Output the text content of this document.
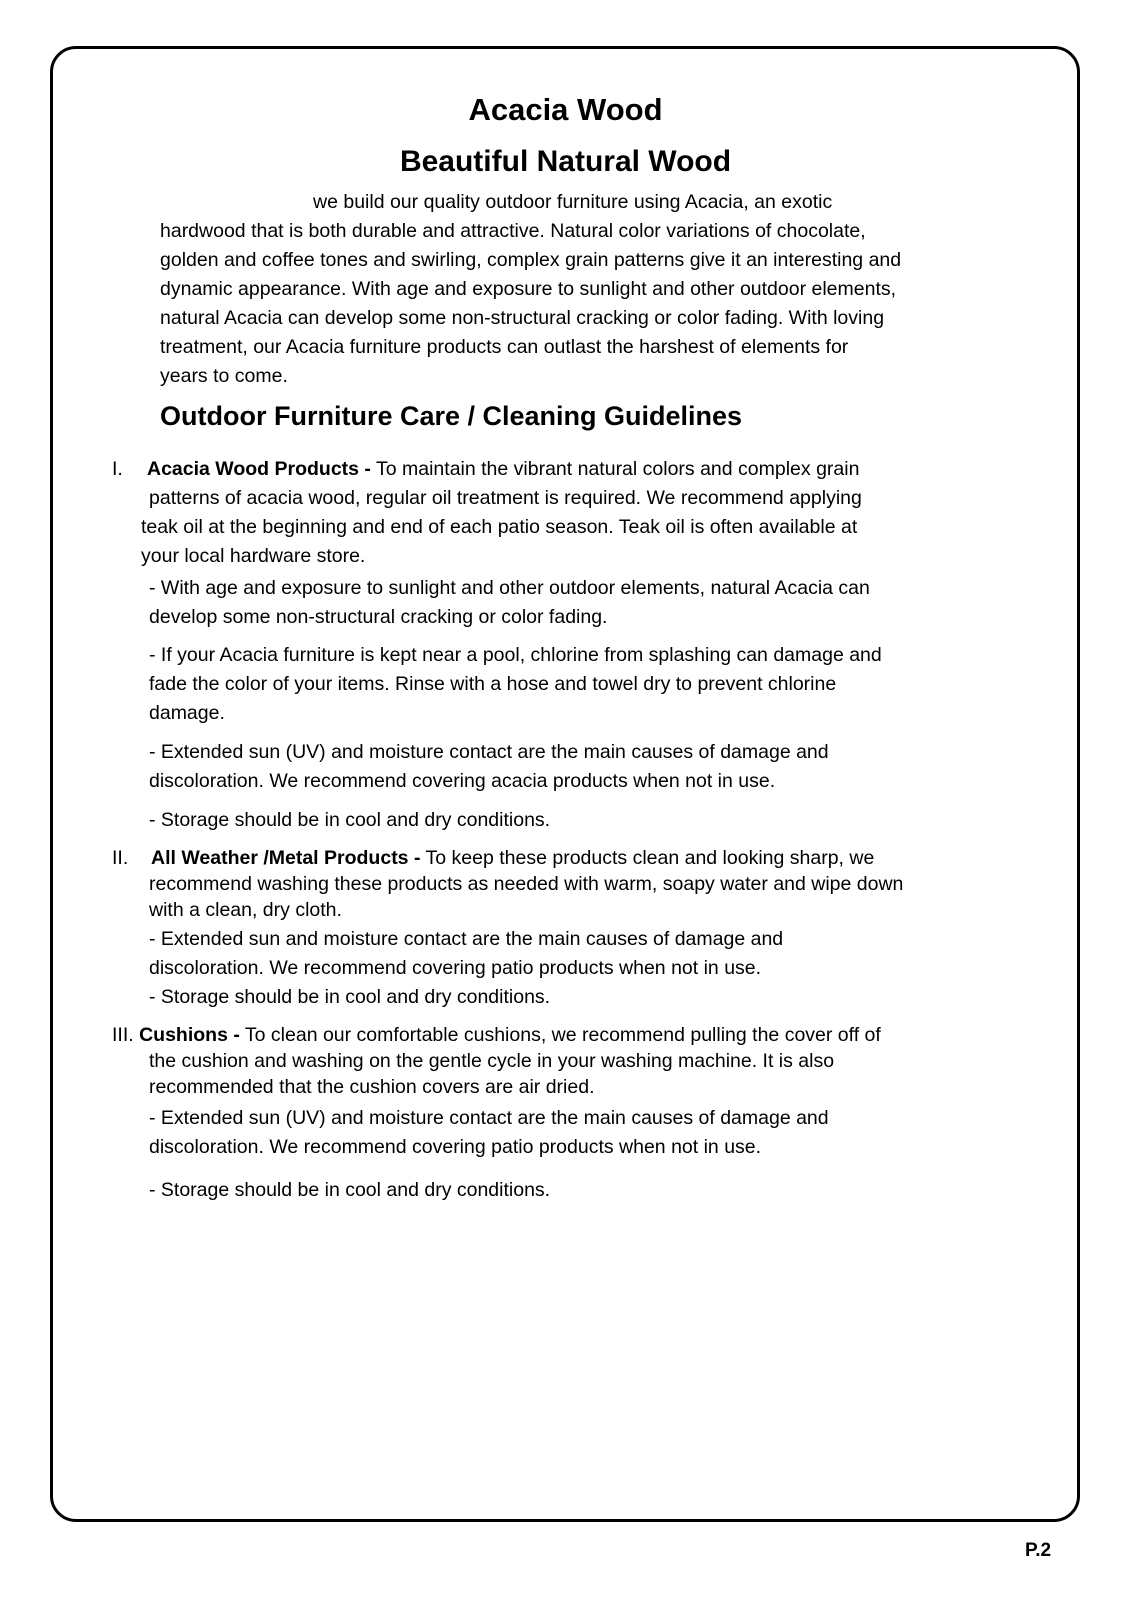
Acacia Wood
Beautiful Natural Wood
we build our quality outdoor furniture using Acacia, an exotic
hardwood that is both durable and attractive. Natural color variations of chocolate,
golden and coffee tones and swirling, complex grain patterns give it an interesting and
dynamic appearance. With age and exposure to sunlight and other outdoor elements,
natural Acacia can develop some non-structural cracking or color fading. With loving
treatment, our Acacia furniture products can outlast the harshest of elements for
years to come.
Outdoor Furniture Care / Cleaning Guidelines
I. Acacia Wood Products - To maintain the vibrant natural colors and complex grain
patterns of acacia wood, regular oil treatment is required. We recommend applying
teak oil at the beginning and end of each patio season. Teak oil is often available at
your local hardware store.
- With age and exposure to sunlight and other outdoor elements, natural Acacia can
develop some non-structural cracking or color fading.
- If your Acacia furniture is kept near a pool, chlorine from splashing can damage and
fade the color of your items. Rinse with a hose and towel dry to prevent chlorine
damage.
- Extended sun (UV) and moisture contact are the main causes of damage and
discoloration. We recommend covering acacia products when not in use.
- Storage should be in cool and dry conditions.
II. All Weather /Metal Products - To keep these products clean and looking sharp, we
recommend washing these products as needed with warm, soapy water and wipe down
with a clean, dry cloth.
- Extended sun and moisture contact are the main causes of damage and
discoloration. We recommend covering patio products when not in use.
- Storage should be in cool and dry conditions.
III. Cushions - To clean our comfortable cushions, we recommend pulling the cover off of
the cushion and washing on the gentle cycle in your washing machine. It is also
recommended that the cushion covers are air dried.
- Extended sun (UV) and moisture contact are the main causes of damage and
discoloration. We recommend covering patio products when not in use.
- Storage should be in cool and dry conditions.
P.2
